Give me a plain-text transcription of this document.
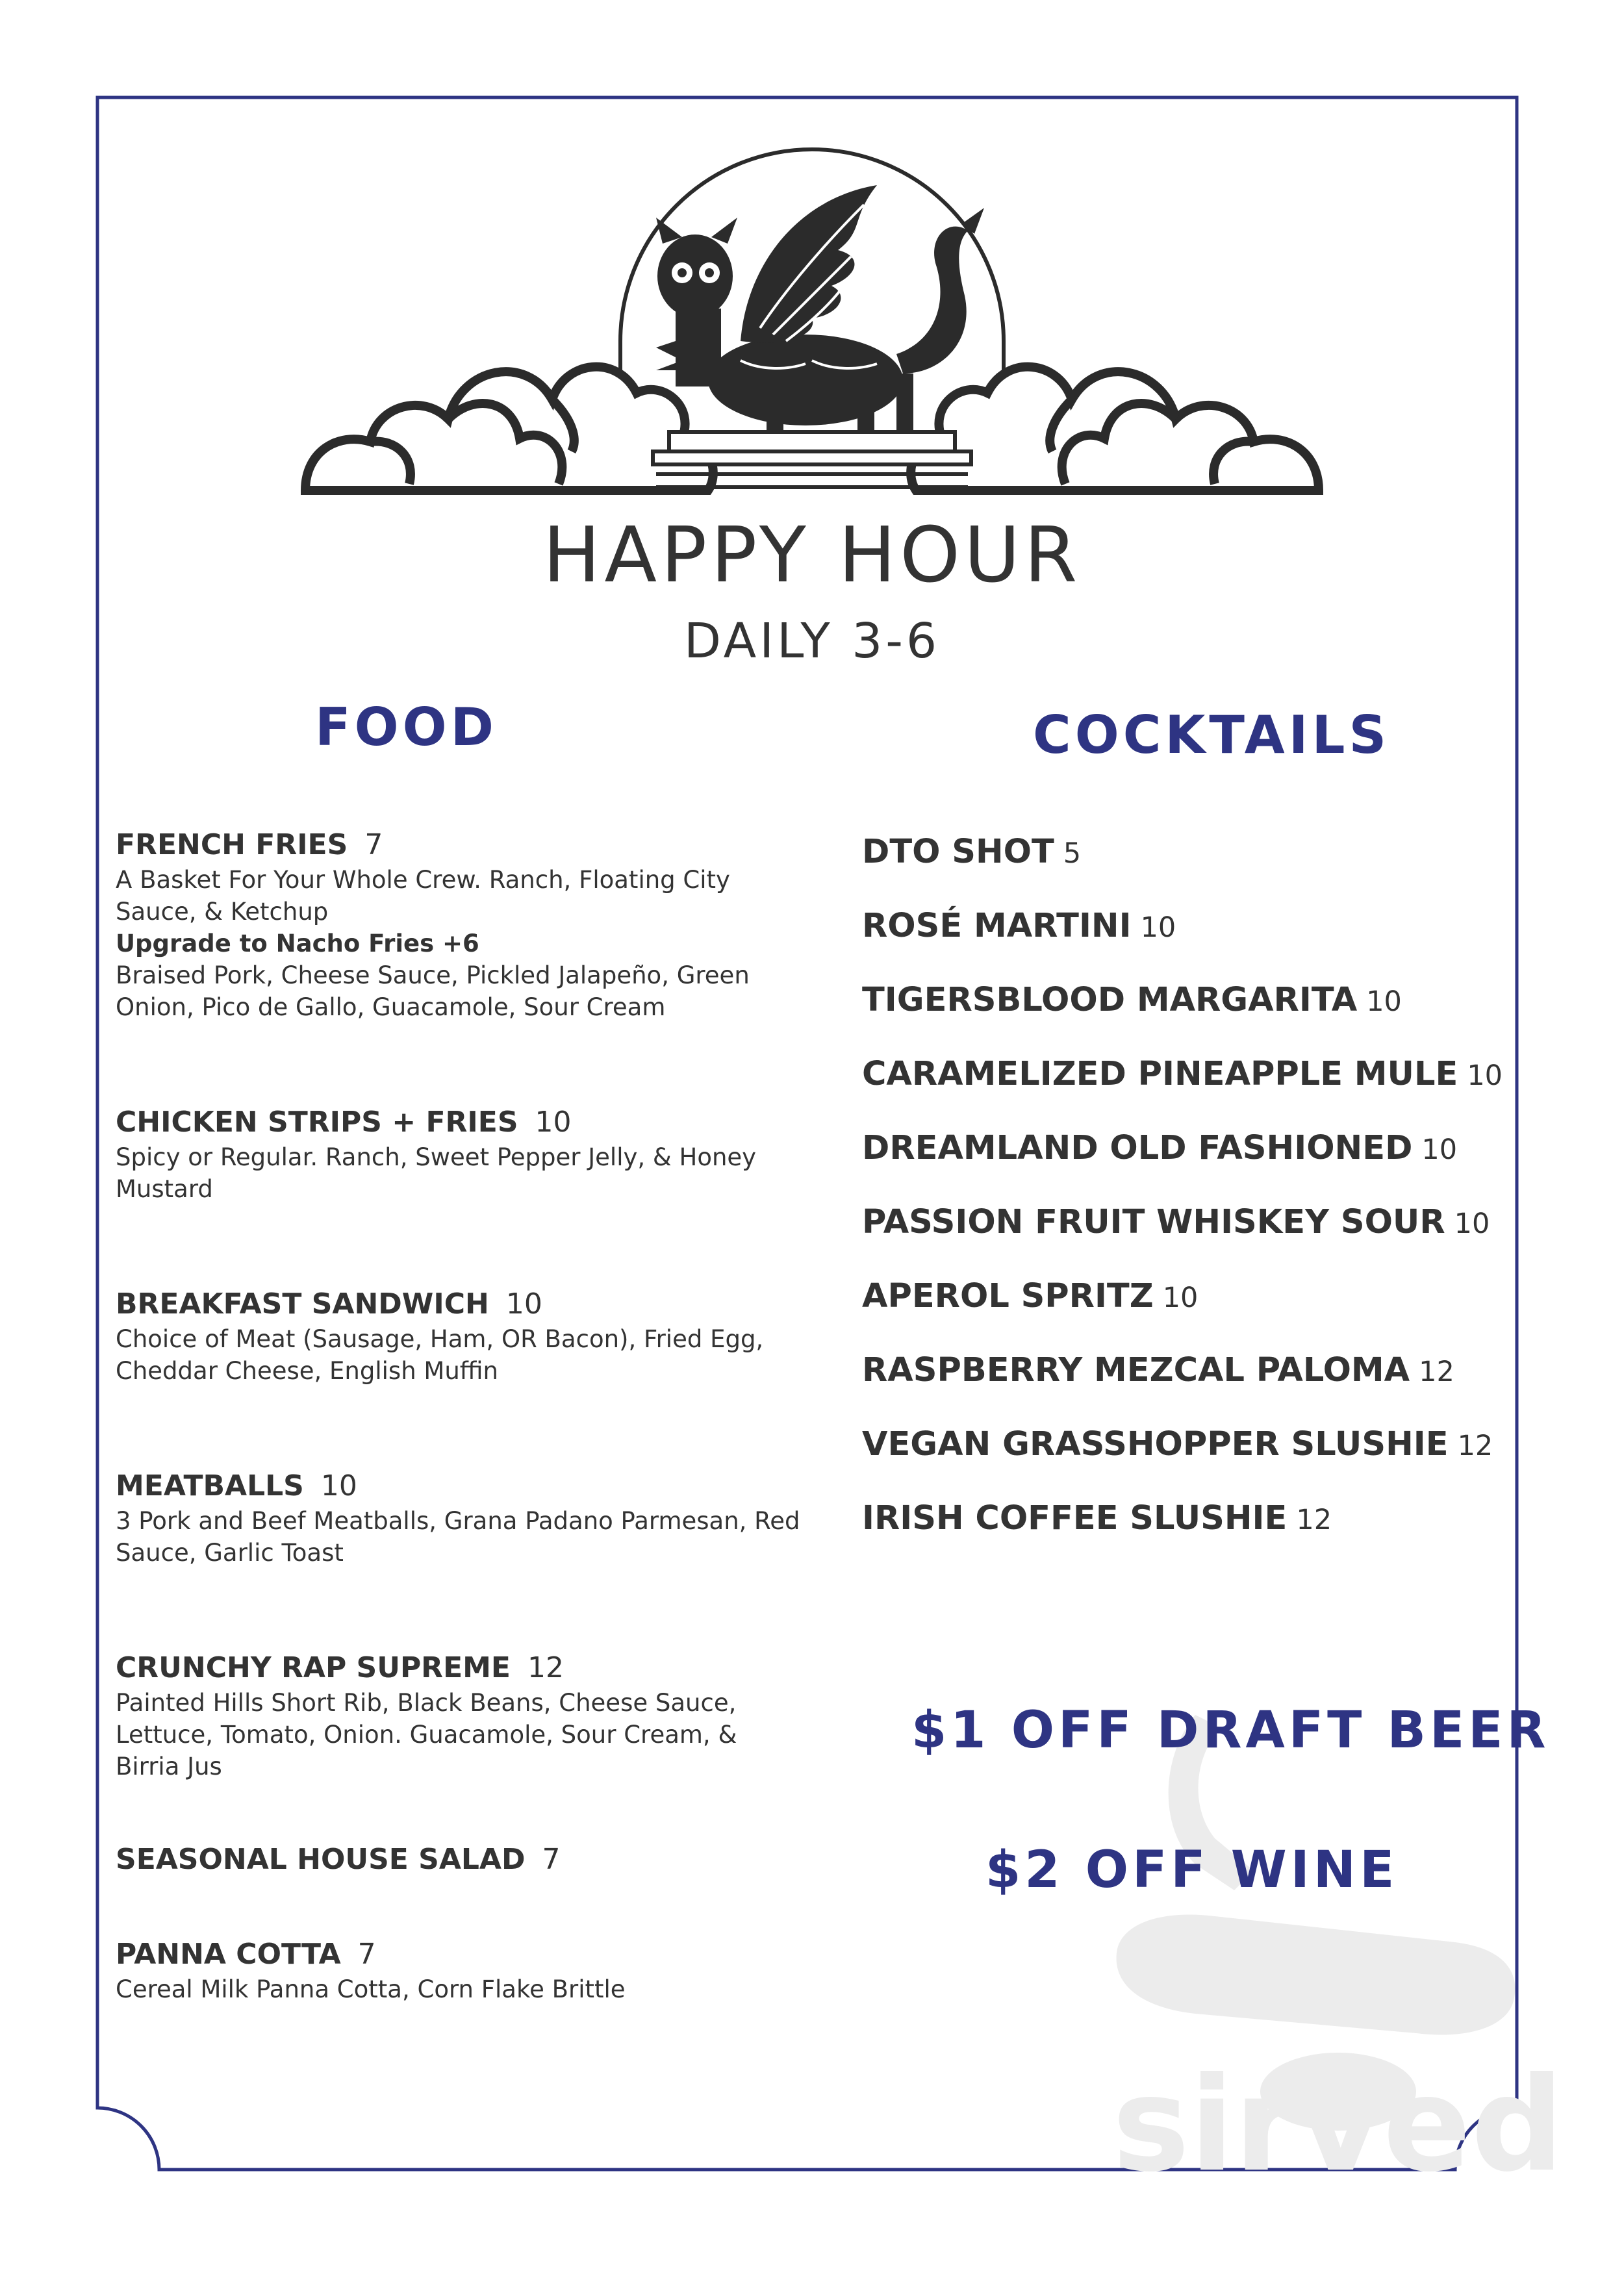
HAPPY HOUR
DAILY 3-6
FOOD	COCKTAILS
FRENCH FRIES 7
A Basket For Your Whole Crew. Ranch, Floating City Sauce, & Ketchup
Upgrade to Nacho Fries +6
Braised Pork, Cheese Sauce, Pickled Jalapeño, Green Onion, Pico de Gallo, Guacamole, Sour Cream
CHICKEN STRIPS + FRIES 10
Spicy or Regular. Ranch, Sweet Pepper Jelly, & Honey Mustard
BREAKFAST SANDWICH 10
Choice of Meat (Sausage, Ham, OR Bacon), Fried Egg, Cheddar Cheese, English Muffin
MEATBALLS 10
3 Pork and Beef Meatballs, Grana Padano Parmesan, Red Sauce, Garlic Toast
CRUNCHY RAP SUPREME 12
Painted Hills Short Rib, Black Beans, Cheese Sauce, Lettuce, Tomato, Onion. Guacamole, Sour Cream, & Birria Jus
SEASONAL HOUSE SALAD 7
PANNA COTTA 7
Cereal Milk Panna Cotta, Corn Flake Brittle
DTO SHOT 5
ROSÉ MARTINI 10
TIGERSBLOOD MARGARITA 10
CARAMELIZED PINEAPPLE MULE 10
DREAMLAND OLD FASHIONED 10
PASSION FRUIT WHISKEY SOUR 10
APEROL SPRITZ 10
RASPBERRY MEZCAL PALOMA 12
VEGAN GRASSHOPPER SLUSHIE 12
IRISH COFFEE SLUSHIE 12
sirved
$1 OFF DRAFT BEER
$2 OFF WINE
